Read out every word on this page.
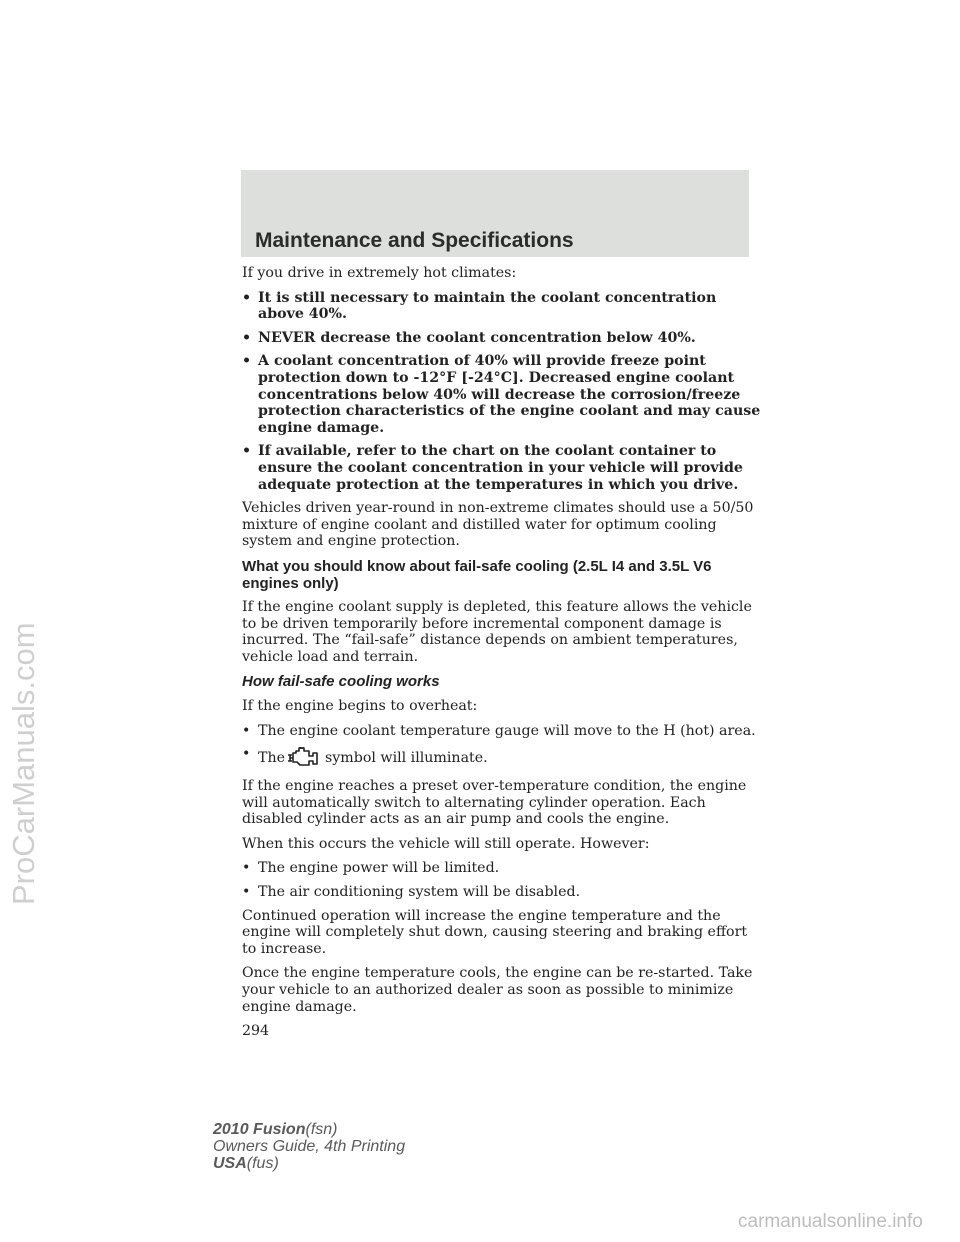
Maintenance and Specifications
ProCarManuals.com

If you drive in extremely hot climates:

• It is still necessary to maintain the coolant concentration above 40%.
• NEVER decrease the coolant concentration below 40%.
• A coolant concentration of 40% will provide freeze point protection down to -12°F [-24°C]. Decreased engine coolant concentrations below 40% will decrease the corrosion/freeze protection characteristics of the engine coolant and may cause engine damage.
• If available, refer to the chart on the coolant container to ensure the coolant concentration in your vehicle will provide adequate protection at the temperatures in which you drive.

Vehicles driven year-round in non-extreme climates should use a 50/50 mixture of engine coolant and distilled water for optimum cooling system and engine protection.

What you should know about fail-safe cooling (2.5L I4 and 3.5L V6 engines only)

If the engine coolant supply is depleted, this feature allows the vehicle to be driven temporarily before incremental component damage is incurred. The “fail-safe” distance depends on ambient temperatures, vehicle load and terrain.

How fail-safe cooling works

If the engine begins to overheat:

• The engine coolant temperature gauge will move to the H (hot) area.
• The	symbol will illuminate.

If the engine reaches a preset over-temperature condition, the engine will automatically switch to alternating cylinder operation. Each disabled cylinder acts as an air pump and cools the engine.

When this occurs the vehicle will still operate. However:

• The engine power will be limited.
• The air conditioning system will be disabled.

Continued operation will increase the engine temperature and the engine will completely shut down, causing steering and braking effort to increase.

Once the engine temperature cools, the engine can be re-started. Take your vehicle to an authorized dealer as soon as possible to minimize engine damage.

294
2010 Fusion(fsn)
Owners Guide, 4th Printing
USA(fus)
carmanualsonline.info
